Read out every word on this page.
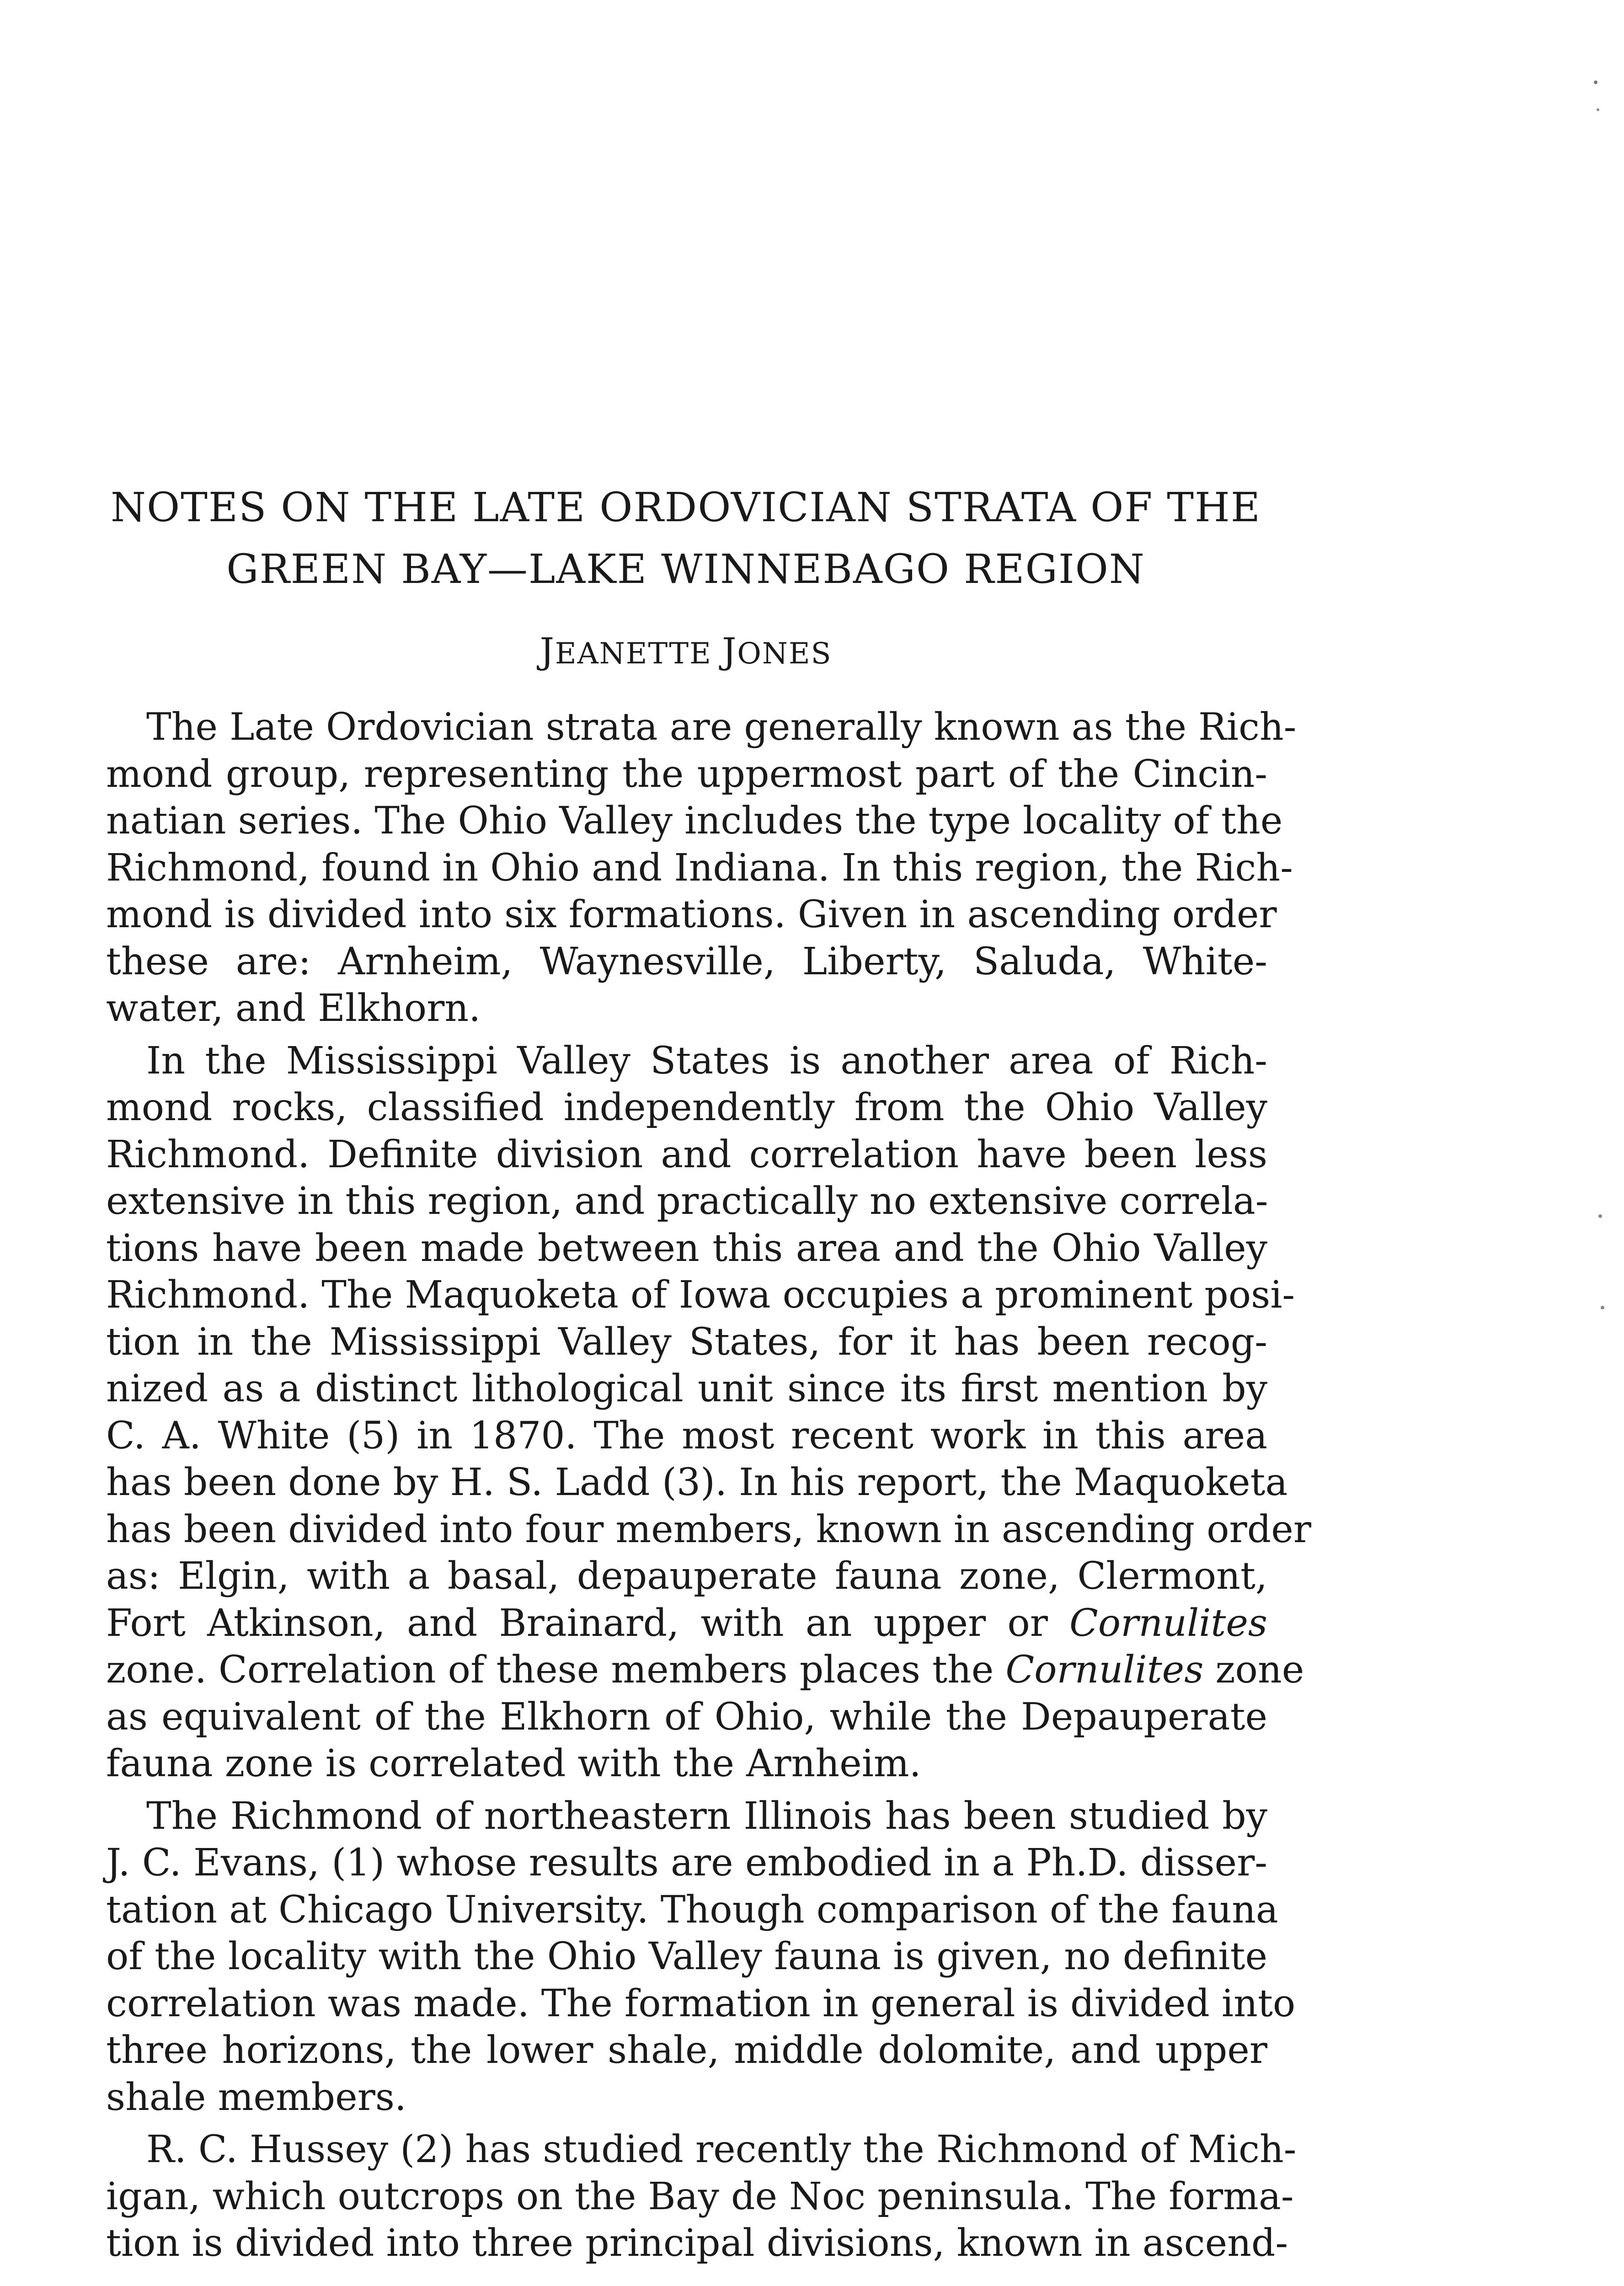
NOTES ON THE LATE ORDOVICIAN STRATA OF THE
GREEN BAY—LAKE WINNEBAGO REGION
JEANETTE JONES
The Late Ordovician strata are generally known as the Rich-
mond group, representing the uppermost part of the Cincin-
natian series. The Ohio Valley includes the type locality of the
Richmond, found in Ohio and Indiana. In this region, the Rich-
mond is divided into six formations. Given in ascending order
these are: Arnheim, Waynesville, Liberty, Saluda, White-
water, and Elkhorn.
In the Mississippi Valley States is another area of Rich-
mond rocks, classified independently from the Ohio Valley
Richmond. Definite division and correlation have been less
extensive in this region, and practically no extensive correla-
tions have been made between this area and the Ohio Valley
Richmond. The Maquoketa of Iowa occupies a prominent posi-
tion in the Mississippi Valley States, for it has been recog-
nized as a distinct lithological unit since its first mention by
C. A. White (5) in 1870. The most recent work in this area
has been done by H. S. Ladd (3). In his report, the Maquoketa
has been divided into four members, known in ascending order
as: Elgin, with a basal, depauperate fauna zone, Clermont,
Fort Atkinson, and Brainard, with an upper or Cornulites
zone. Correlation of these members places the Cornulites zone
as equivalent of the Elkhorn of Ohio, while the Depauperate
fauna zone is correlated with the Arnheim.
The Richmond of northeastern Illinois has been studied by
J. C. Evans, (1) whose results are embodied in a Ph.D. disser-
tation at Chicago University. Though comparison of the fauna
of the locality with the Ohio Valley fauna is given, no definite
correlation was made. The formation in general is divided into
three horizons, the lower shale, middle dolomite, and upper
shale members.
R. C. Hussey (2) has studied recently the Richmond of Mich-
igan, which outcrops on the Bay de Noc peninsula. The forma-
tion is divided into three principal divisions, known in ascend-
